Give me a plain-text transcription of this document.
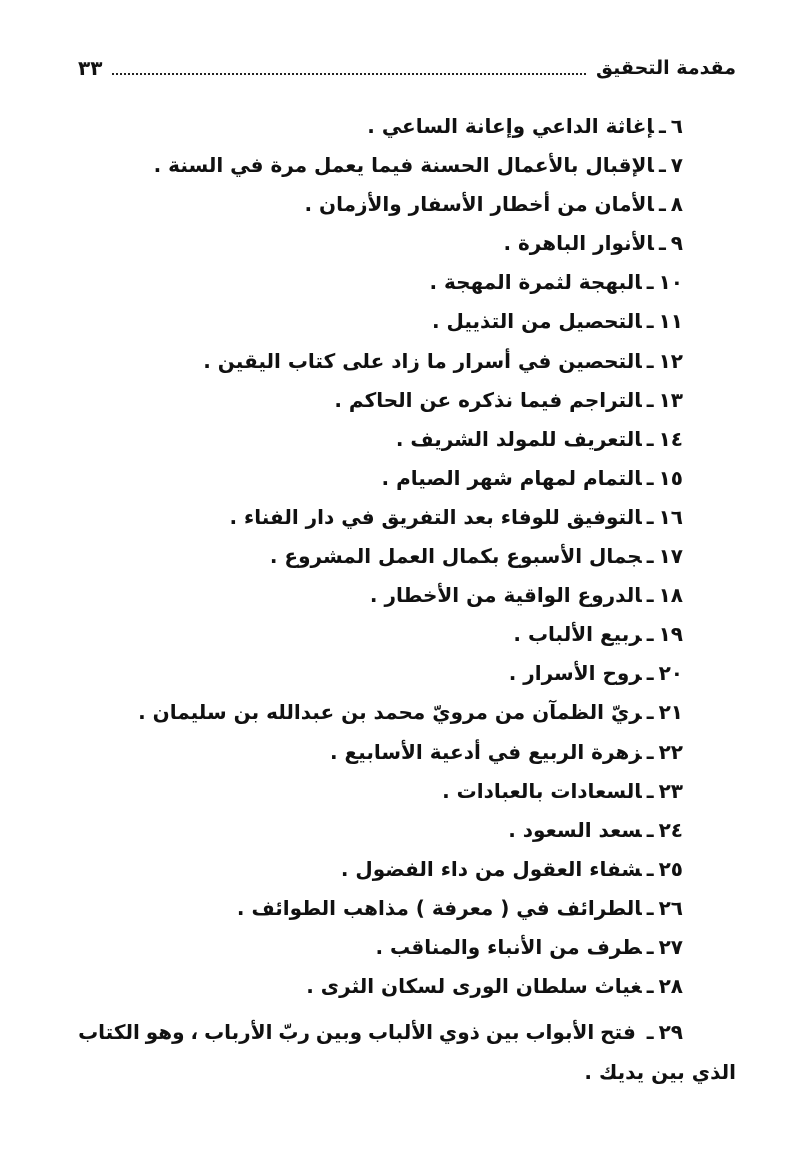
مقدمة التحقيق
٣٣
٦ـإغاثة الداعي وإعانة الساعي .
٧ـالإقبال بالأعمال الحسنة فيما يعمل مرة في السنة .
٨ـالأمان من أخطار الأسفار والأزمان .
٩ـالأنوار الباهرة .
١٠ـالبهجة لثمرة المهجة .
١١ـالتحصيل من التذييل .
١٢ـالتحصين في أسرار ما زاد على كتاب اليقين .
١٣ـالتراجم فيما نذكره عن الحاكم .
١٤ـالتعريف للمولد الشريف .
١٥ـالتمام لمهام شهر الصيام .
١٦ـالتوفيق للوفاء بعد التفريق في دار الفناء .
١٧ـجمال الأسبوع بكمال العمل المشروع .
١٨ـالدروع الواقية من الأخطار .
١٩ـربيع الألباب .
٢٠ـروح الأسرار .
٢١ـريّ الظمآن من مرويّ محمد بن عبدالله بن سليمان .
٢٢ـزهرة الربيع في أدعية الأسابيع .
٢٣ـالسعادات بالعبادات .
٢٤ـسعد السعود .
٢٥ـشفاء العقول من داء الفضول .
٢٦ـالطرائف في ( معرفة ) مذاهب الطوائف .
٢٧ـطرف من الأنباء والمناقب .
٢٨ـغياث سلطان الورى لسكان الثرى .
٢٩ـ
فتح
الأبواب
بين
ذوي
الألباب
وبين
ربّ
الأرباب
،
وهو
الكتاب
الذي بين يديك .
